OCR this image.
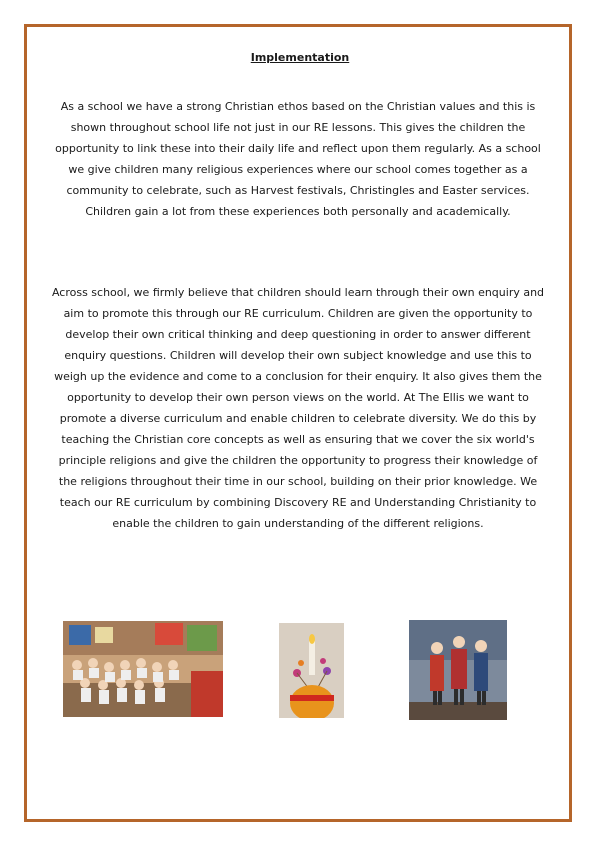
Implementation

As a school we have a strong Christian ethos based on the Christian values and this is shown throughout school life not just in our RE lessons. This gives the children the opportunity to link these into their daily life and reflect upon them regularly. As a school we give children many religious experiences where our school comes together as a community to celebrate, such as Harvest festivals, Christingles and Easter services. Children gain a lot from these experiences both personally and academically.

Across school, we firmly believe that children should learn through their own enquiry and aim to promote this through our RE curriculum. Children are given the opportunity to develop their own critical thinking and deep questioning in order to answer different enquiry questions. Children will develop their own subject knowledge and use this to weigh up the evidence and come to a conclusion for their enquiry. It also gives them the opportunity to develop their own person views on the world. At The Ellis we want to promote a diverse curriculum and enable children to celebrate diversity. We do this by teaching the Christian core concepts as well as ensuring that we cover the six world's principle religions and give the children the opportunity to progress their knowledge of the religions throughout their time in our school, building on their prior knowledge. We teach our RE curriculum by combining Discovery RE and Understanding Christianity to enable the children to gain understanding of the different religions.
